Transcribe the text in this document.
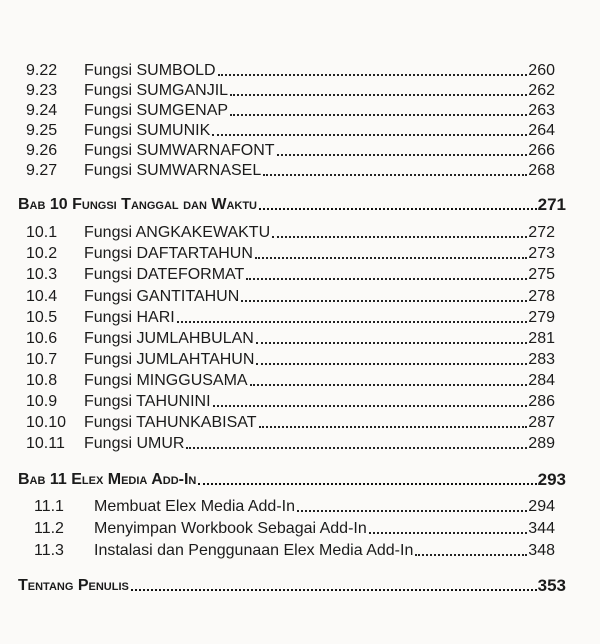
9.22	Fungsi SUMBOLD	260
9.23	Fungsi SUMGANJIL	262
9.24	Fungsi SUMGENAP	263
9.25	Fungsi SUMUNIK	264
9.26	Fungsi SUMWARNAFONT	266
9.27	Fungsi SUMWARNASEL	268
Bab 10 Fungsi Tanggal dan Waktu	271
10.1	Fungsi ANGKAKEWAKTU	272
10.2	Fungsi DAFTARTAHUN	273
10.3	Fungsi DATEFORMAT	275
10.4	Fungsi GANTITAHUN	278
10.5	Fungsi HARI	279
10.6	Fungsi JUMLAHBULAN	281
10.7	Fungsi JUMLAHTAHUN	283
10.8	Fungsi MINGGUSAMA	284
10.9	Fungsi TAHUNINI	286
10.10	Fungsi TAHUNKABISAT	287
10.11	Fungsi UMUR	289
Bab 11 Elex Media Add-In	293
11.1	Membuat Elex Media Add-In	294
11.2	Menyimpan Workbook Sebagai Add-In	344
11.3	Instalasi dan Penggunaan Elex Media Add-In	348
Tentang Penulis	353
